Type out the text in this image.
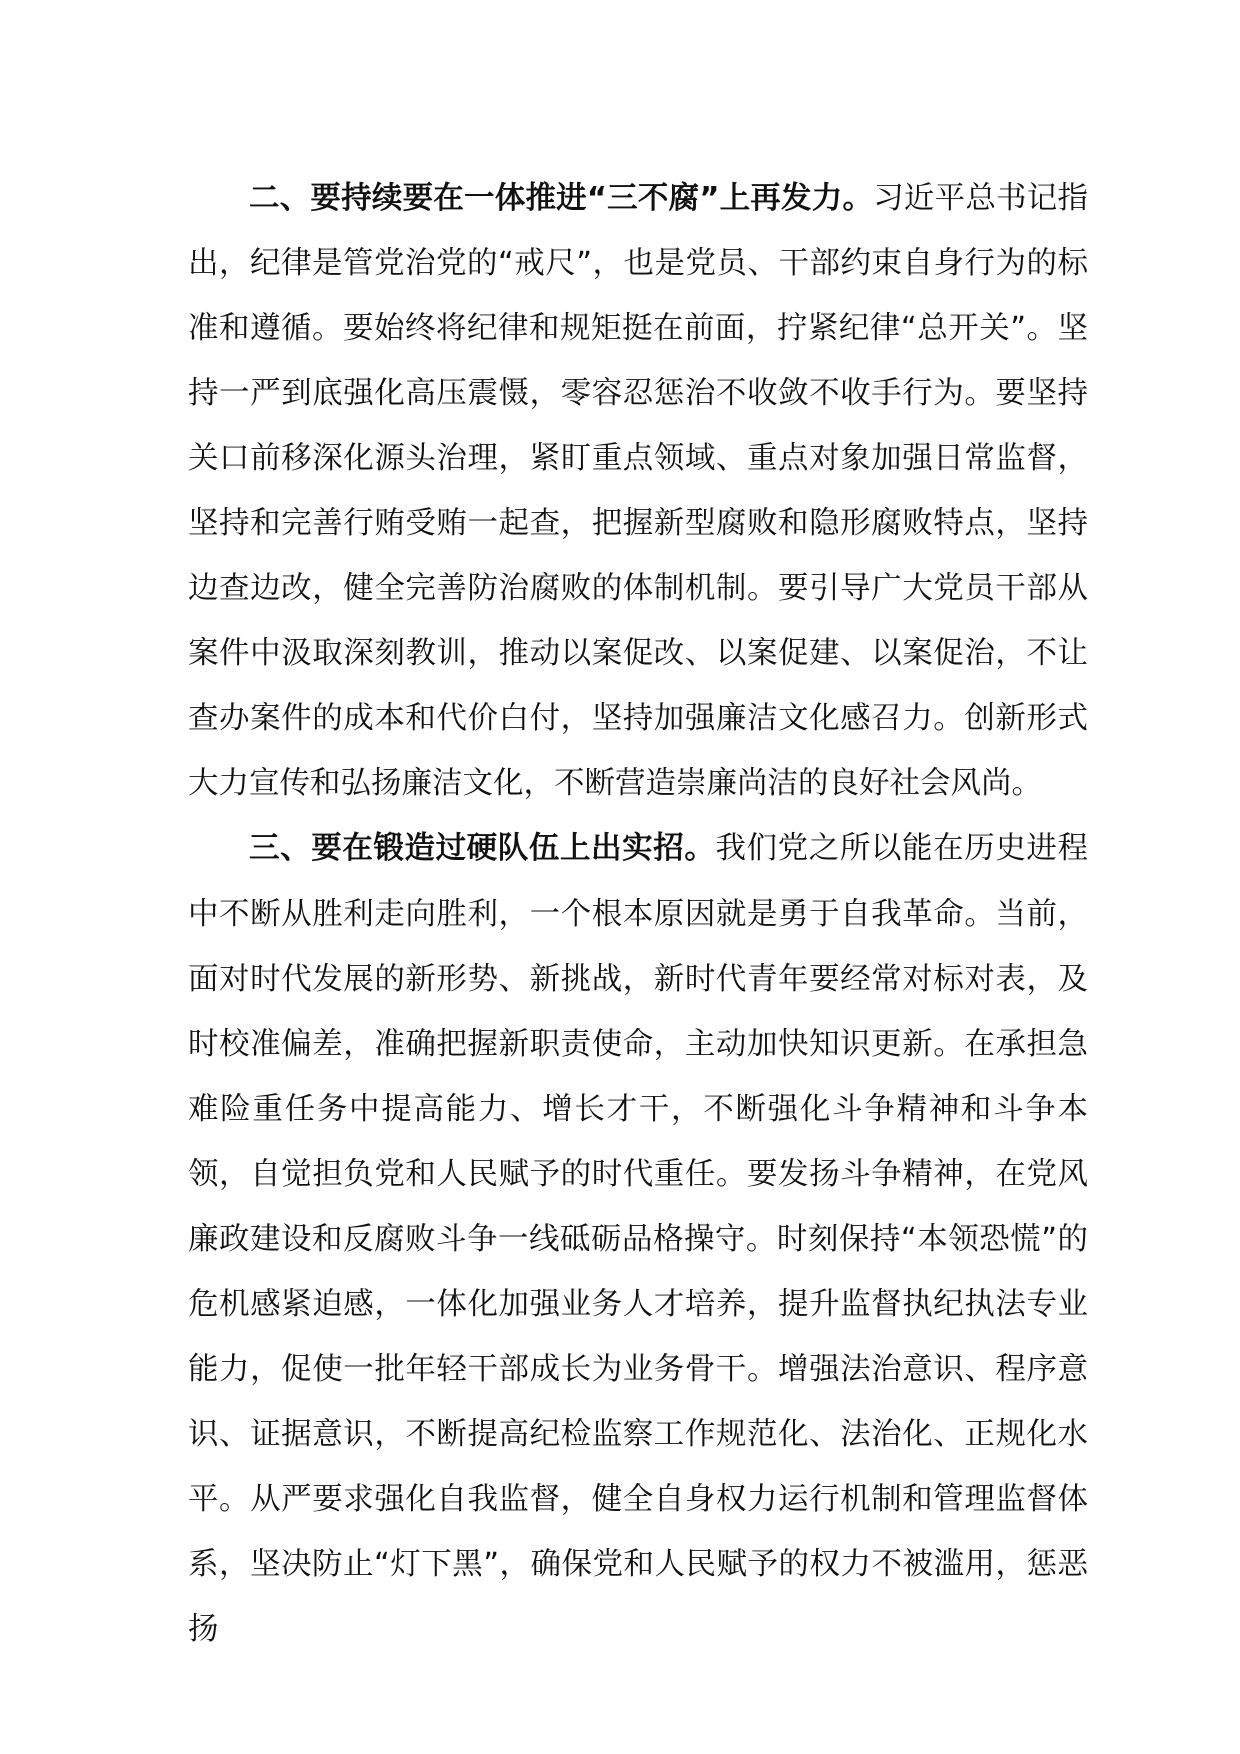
二、要持续要在一体推进“三不腐”上再发力。习近平总书记指出，纪律是管党治党的“戒尺”，也是党员、干部约束自身行为的标准和遵循。要始终将纪律和规矩挺在前面，拧紧纪律“总开关”。坚持一严到底强化高压震慑，零容忍惩治不收敛不收手行为。要坚持关口前移深化源头治理，紧盯重点领域、重点对象加强日常监督，坚持和完善行贿受贿一起查，把握新型腐败和隐形腐败特点，坚持边查边改，健全完善防治腐败的体制机制。要引导广大党员干部从案件中汲取深刻教训，推动以案促改、以案促建、以案促治，不让查办案件的成本和代价白付，坚持加强廉洁文化感召力。创新形式大力宣传和弘扬廉洁文化，不断营造崇廉尚洁的良好社会风尚。

三、要在锻造过硬队伍上出实招。我们党之所以能在历史进程中不断从胜利走向胜利，一个根本原因就是勇于自我革命。当前，面对时代发展的新形势、新挑战，新时代青年要经常对标对表，及时校准偏差，准确把握新职责使命，主动加快知识更新。在承担急难险重任务中提高能力、增长才干，不断强化斗争精神和斗争本领，自觉担负党和人民赋予的时代重任。要发扬斗争精神，在党风廉政建设和反腐败斗争一线砥砺品格操守。时刻保持“本领恐慌”的危机感紧迫感，一体化加强业务人才培养，提升监督执纪执法专业能力，促使一批年轻干部成长为业务骨干。增强法治意识、程序意识、证据意识，不断提高纪检监察工作规范化、法治化、正规化水平。从严要求强化自我监督，健全自身权力运行机制和管理监督体系，坚决防止“灯下黑”，确保党和人民赋予的权力不被滥用，惩恶扬
